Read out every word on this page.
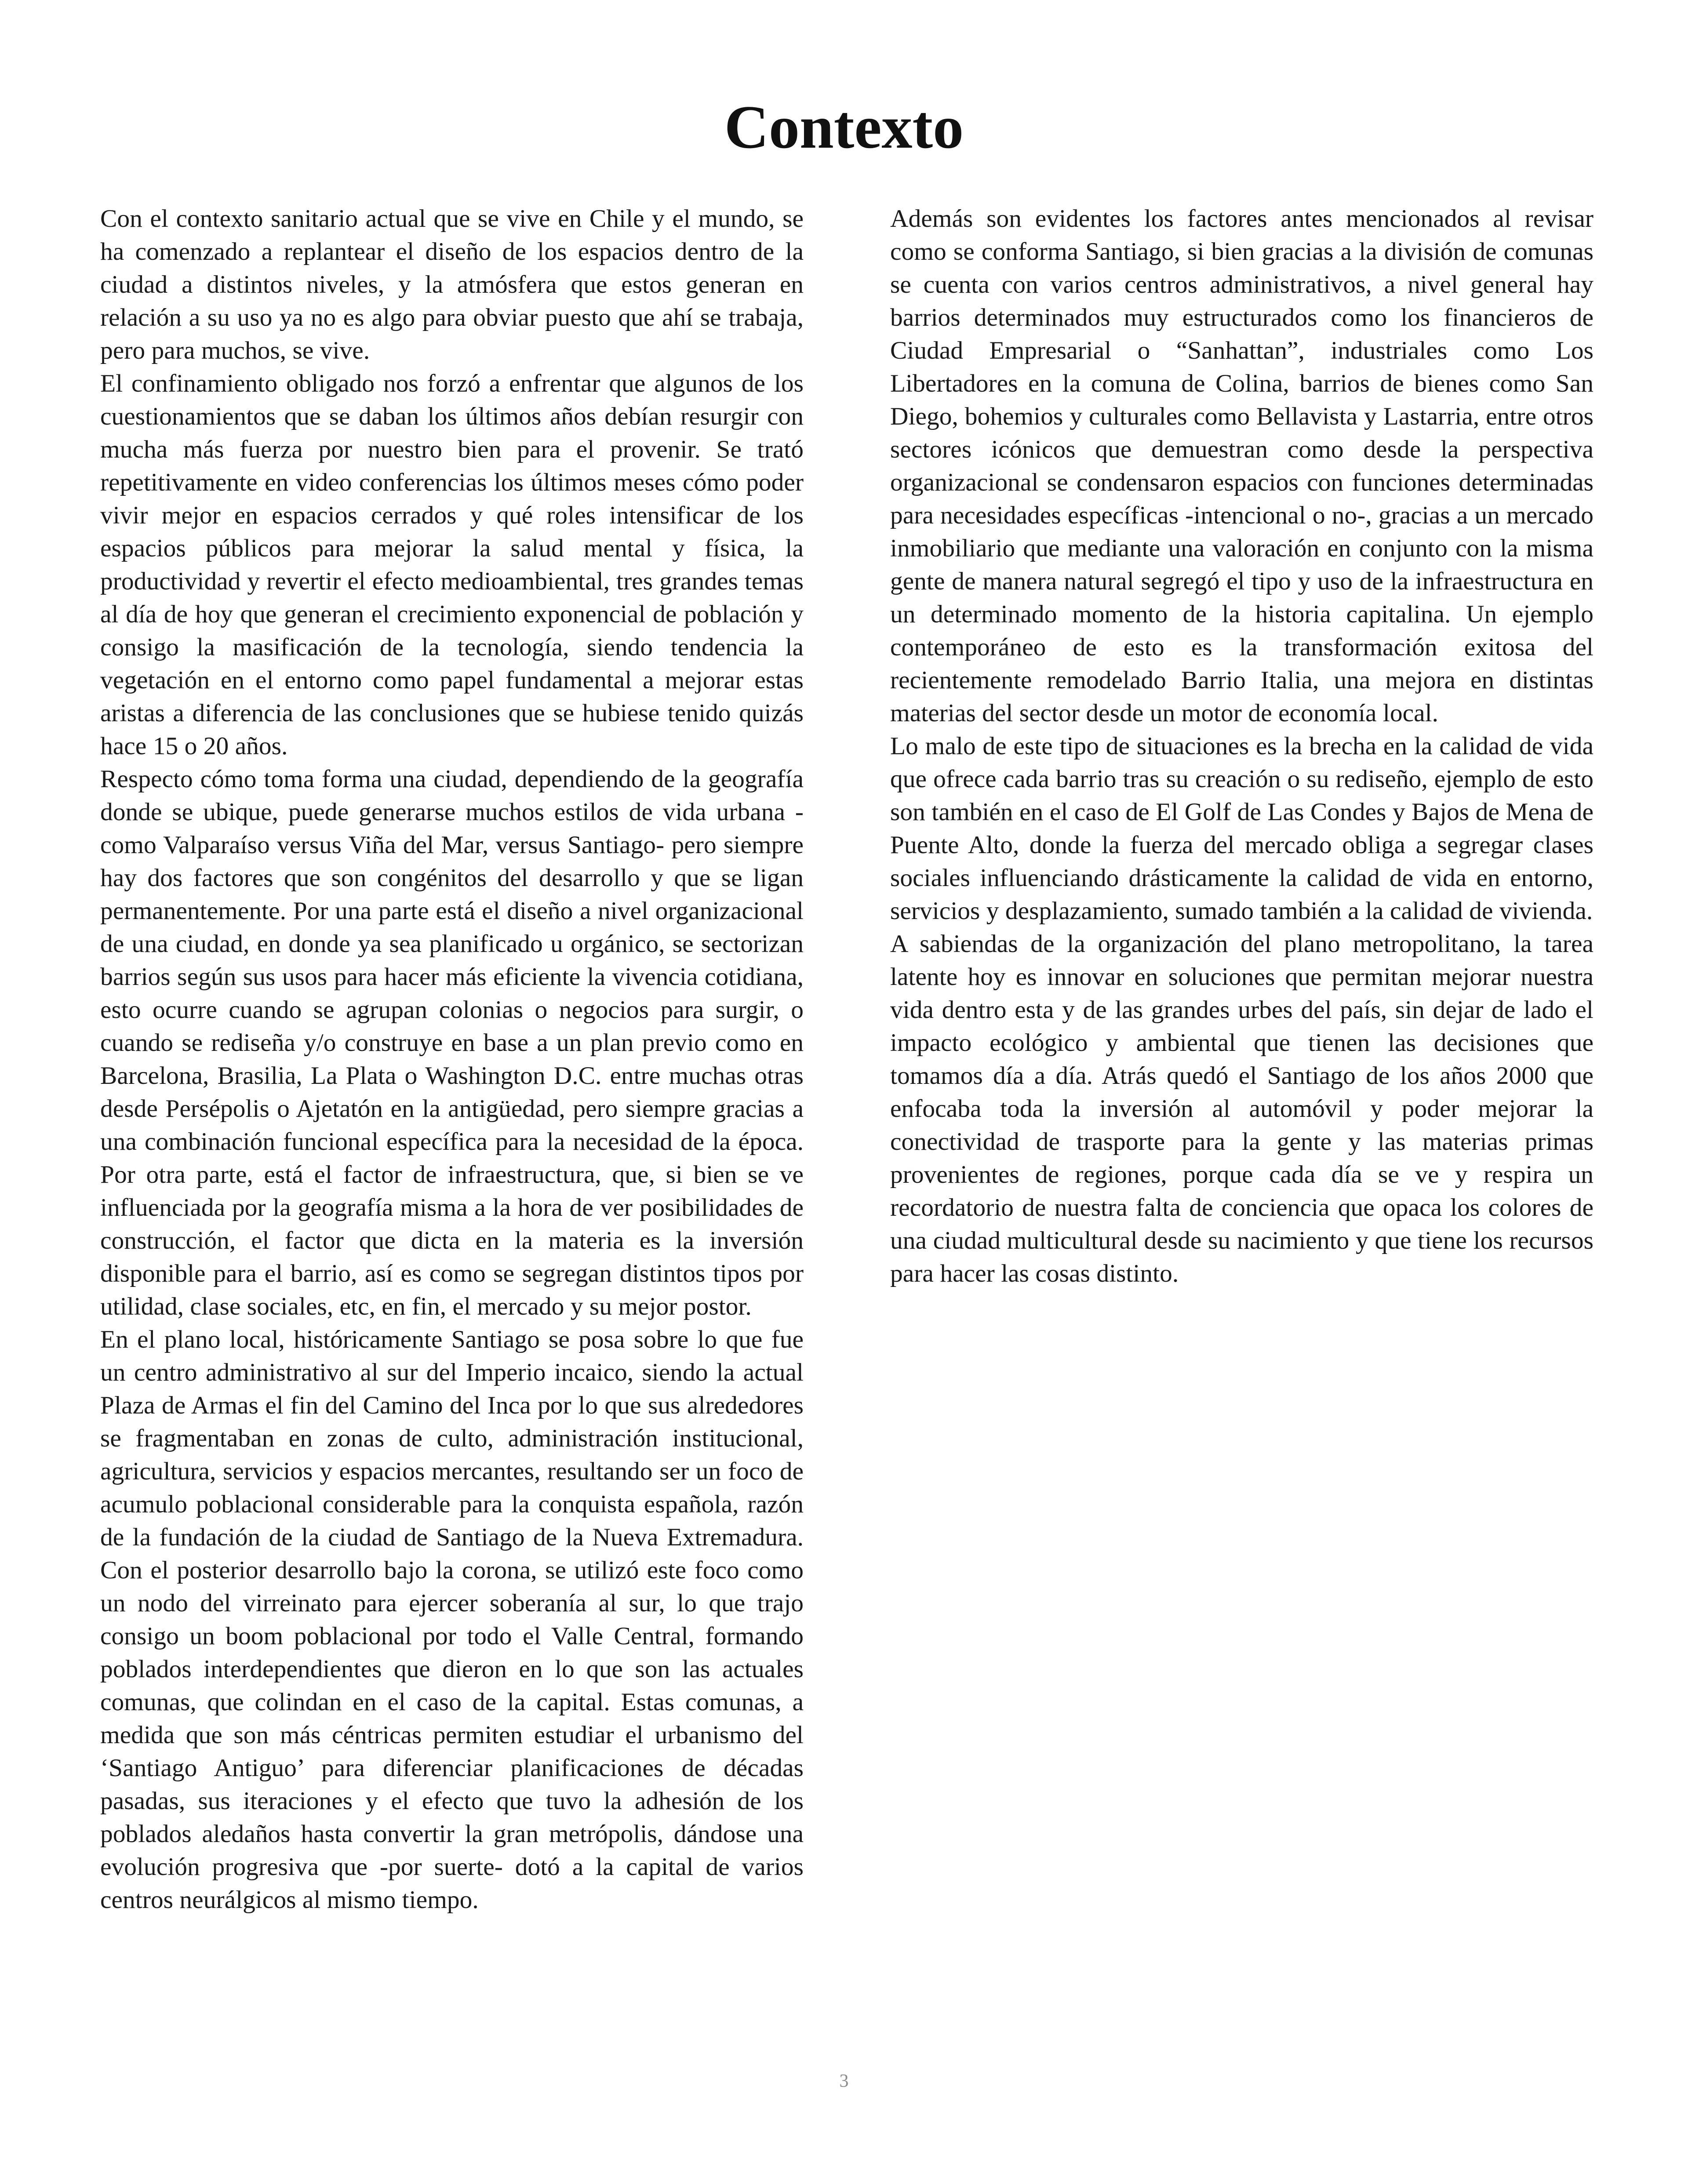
Contexto

Con el contexto sanitario actual que se vive en Chile y el mundo, se ha comenzado a replantear el diseño de los espacios dentro de la ciudad a distintos niveles, y la atmósfera que estos generan en relación a su uso ya no es algo para obviar puesto que ahí se trabaja, pero para muchos, se vive.

El confinamiento obligado nos forzó a enfrentar que algunos de los cuestionamientos que se daban los últimos años debían resurgir con mucha más fuerza por nuestro bien para el provenir. Se trató repetitivamente en video conferencias los últimos meses cómo poder vivir mejor en espacios cerrados y qué roles intensificar de los espacios públicos para mejorar la salud mental y física, la productividad y revertir el efecto medioambiental, tres grandes temas al día de hoy que generan el crecimiento exponencial de población y consigo la masificación de la tecnología, siendo tendencia la vegetación en el entorno como papel fundamental a mejorar estas aristas a diferencia de las conclusiones que se hubiese tenido quizás hace 15 o 20 años.

Respecto cómo toma forma una ciudad, dependiendo de la geografía donde se ubique, puede generarse muchos estilos de vida urbana -como Valparaíso versus Viña del Mar, versus Santiago- pero siempre hay dos factores que son congénitos del desarrollo y que se ligan permanentemente. Por una parte está el diseño a nivel organizacional de una ciudad, en donde ya sea planificado u orgánico, se sectorizan barrios según sus usos para hacer más eficiente la vivencia cotidiana, esto ocurre cuando se agrupan colonias o negocios para surgir, o cuando se rediseña y/o construye en base a un plan previo como en Barcelona, Brasilia, La Plata o Washington D.C. entre muchas otras desde Persépolis o Ajetatón en la antigüedad, pero siempre gracias a una combinación funcional específica para la necesidad de la época. Por otra parte, está el factor de infraestructura, que, si bien se ve influenciada por la geografía misma a la hora de ver posibilidades de construcción, el factor que dicta en la materia es la inversión disponible para el barrio, así es como se segregan distintos tipos por utilidad, clase sociales, etc, en fin, el mercado y su mejor postor.

En el plano local, históricamente Santiago se posa sobre lo que fue un centro administrativo al sur del Imperio incaico, siendo la actual Plaza de Armas el fin del Camino del Inca por lo que sus alrededores se fragmentaban en zonas de culto, administración institucional, agricultura, servicios y espacios mercantes, resultando ser un foco de acumulo poblacional considerable para la conquista española, razón de la fundación de la ciudad de Santiago de la Nueva Extremadura. Con el posterior desarrollo bajo la corona, se utilizó este foco como un nodo del virreinato para ejercer soberanía al sur, lo que trajo consigo un boom poblacional por todo el Valle Central, formando poblados interdependientes que dieron en lo que son las actuales comunas, que colindan en el caso de la capital. Estas comunas, a medida que son más céntricas permiten estudiar el urbanismo del ‘Santiago Antiguo’ para diferenciar planificaciones de décadas pasadas, sus iteraciones y el efecto que tuvo la adhesión de los poblados aledaños hasta convertir la gran metrópolis, dándose una evolución progresiva que -por suerte- dotó a la capital de varios centros neurálgicos al mismo tiempo.

Además son evidentes los factores antes mencionados al revisar como se conforma Santiago, si bien gracias a la división de comunas se cuenta con varios centros administrativos, a nivel general hay barrios determinados muy estructurados como los financieros de Ciudad Empresarial o “Sanhattan”, industriales como Los Libertadores en la comuna de Colina, barrios de bienes como San Diego, bohemios y culturales como Bellavista y Lastarria, entre otros sectores icónicos que demuestran como desde la perspectiva organizacional se condensaron espacios con funciones determinadas para necesidades específicas -intencional o no-, gracias a un mercado inmobiliario que mediante una valoración en conjunto con la misma gente de manera natural segregó el tipo y uso de la infraestructura en un determinado momento de la historia capitalina. Un ejemplo contemporáneo de esto es la transformación exitosa del recientemente remodelado Barrio Italia, una mejora en distintas materias del sector desde un motor de economía local.

Lo malo de este tipo de situaciones es la brecha en la calidad de vida que ofrece cada barrio tras su creación o su rediseño, ejemplo de esto son también en el caso de El Golf de Las Condes y Bajos de Mena de Puente Alto, donde la fuerza del mercado obliga a segregar clases sociales influenciando drásticamente la calidad de vida en entorno, servicios y desplazamiento, sumado también a la calidad de vivienda.

A sabiendas de la organización del plano metropolitano, la tarea latente hoy es innovar en soluciones que permitan mejorar nuestra vida dentro esta y de las grandes urbes del país, sin dejar de lado el impacto ecológico y ambiental que tienen las decisiones que tomamos día a día. Atrás quedó el Santiago de los años 2000 que enfocaba toda la inversión al automóvil y poder mejorar la conectividad de trasporte para la gente y las materias primas provenientes de regiones, porque cada día se ve y respira un recordatorio de nuestra falta de conciencia que opaca los colores de una ciudad multicultural desde su nacimiento y que tiene los recursos para hacer las cosas distinto.

3
